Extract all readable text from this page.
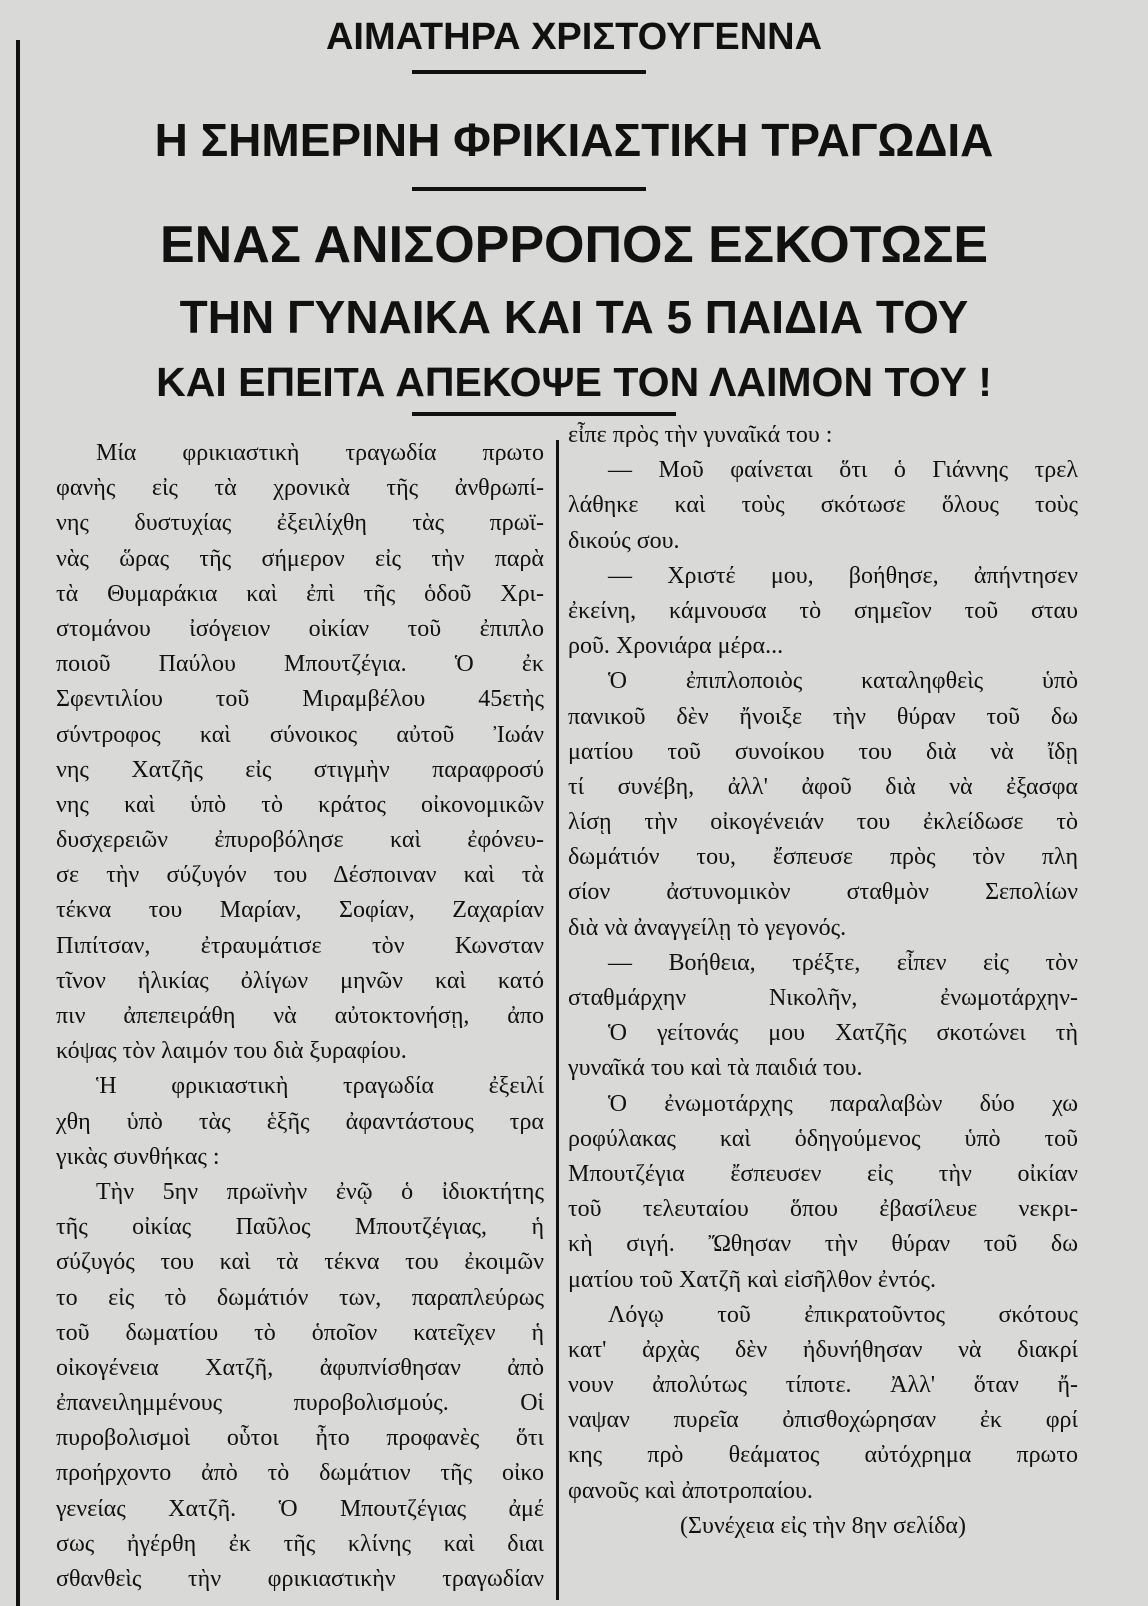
ΑΙΜΑΤΗΡΑ ΧΡΙΣΤΟΥΓΕΝΝΑ
Η ΣΗΜΕΡΙΝΗ ΦΡΙΚΙΑΣΤΙΚΗ ΤΡΑΓΩΔΙΑ
ΕΝΑΣ ΑΝΙΣΟΡΡΟΠΟΣ ΕΣΚΟΤΩΣΕ
ΤΗΝ ΓΥΝΑΙΚΑ ΚΑΙ ΤΑ 5 ΠΑΙΔΙΑ ΤΟΥ
ΚΑΙ ΕΠΕΙΤΑ ΑΠΕΚΟΨΕ ΤΟΝ ΛΑΙΜΟΝ ΤΟΥ !
Μία φρικιαστικὴ τραγωδία πρωτο
φανὴς εἰς τὰ χρονικὰ τῆς ἀνθρωπί-
νης δυστυχίας ἐξειλίχθη τὰς πρωϊ-
νὰς ὥρας τῆς σήμερον εἰς τὴν παρὰ
τὰ Θυμαράκια καὶ ἐπὶ τῆς ὁδοῦ Χρι-
στομάνου ἰσόγειον οἰκίαν τοῦ ἐπιπλο
ποιοῦ Παύλου Μπουτζέγια. Ὁ ἐκ
Σφεντιλίου τοῦ Μιραμβέλου 45ετὴς
σύντροφος καὶ σύνοικος αὐτοῦ Ἰωάν
νης Χατζῆς εἰς στιγμὴν παραφροσύ
νης καὶ ὑπὸ τὸ κράτος οἰκονομικῶν
δυσχερειῶν ἐπυροβόλησε καὶ ἐφόνευ-
σε τὴν σύζυγόν του Δέσποιναν καὶ τὰ
τέκνα του Μαρίαν, Σοφίαν, Ζαχαρίαν
Πιπίτσαν, ἐτραυμάτισε τὸν Κωνσταν
τῖνον ἡλικίας ὀλίγων μηνῶν καὶ κατό
πιν ἀπεπειράθη νὰ αὐτοκτονήσῃ, ἀπο
κόψας τὸν λαιμόν του διὰ ξυραφίου.
Ἡ φρικιαστικὴ τραγωδία ἐξειλί
χθη ὑπὸ τὰς ἑξῆς ἀφαντάστους τρα
γικὰς συνθήκας :
Τὴν 5ην πρωϊνὴν ἐνῷ ὁ ἰδιοκτήτης
τῆς οἰκίας Παῦλος Μπουτζέγιας, ἡ
σύζυγός του καὶ τὰ τέκνα του ἐκοιμῶν
το εἰς τὸ δωμάτιόν των, παραπλεύρως
τοῦ δωματίου τὸ ὁποῖον κατεῖχεν ἡ
οἰκογένεια Χατζῆ, ἀφυπνίσθησαν ἀπὸ
ἐπανειλημμένους πυροβολισμούς. Οἱ
πυροβολισμοὶ οὗτοι ἦτο προφανὲς ὅτι
προήρχοντο ἀπὸ τὸ δωμάτιον τῆς οἰκο
γενείας Χατζῆ. Ὁ Μπουτζέγιας ἀμέ
σως ἠγέρθη ἐκ τῆς κλίνης καὶ διαι
σθανθεὶς τὴν φρικιαστικὴν τραγωδίαν
εἶπε πρὸς τὴν γυναῖκά του :
— Μοῦ φαίνεται ὅτι ὁ Γιάννης τρελ
λάθηκε καὶ τοὺς σκότωσε ὅλους τοὺς
δικούς σου.
— Χριστέ μου, βοήθησε, ἀπήντησεν
ἐκείνη, κάμνουσα τὸ σημεῖον τοῦ σταυ
ροῦ. Χρονιάρα μέρα...
Ὁ ἐπιπλοποιὸς καταληφθεὶς ὑπὸ
πανικοῦ δὲν ἤνοιξε τὴν θύραν τοῦ δω
ματίου τοῦ συνοίκου του διὰ νὰ ἴδῃ
τί συνέβη, ἀλλ' ἀφοῦ διὰ νὰ ἐξασφα
λίσῃ τὴν οἰκογένειάν του ἐκλείδωσε τὸ
δωμάτιόν του, ἔσπευσε πρὸς τὸν πλη
σίον ἀστυνομικὸν σταθμὸν Σεπολίων
διὰ νὰ ἀναγγείλῃ τὸ γεγονός.
— Βοήθεια, τρέξτε, εἶπεν εἰς τὸν
σταθμάρχην Νικολῆν, ἐνωμοτάρχην-
Ὁ γείτονάς μου Χατζῆς σκοτώνει τὴ
γυναῖκά του καὶ τὰ παιδιά του.
Ὁ ἐνωμοτάρχης παραλαβὼν δύο χω
ροφύλακας καὶ ὁδηγούμενος ὑπὸ τοῦ
Μπουτζέγια ἔσπευσεν εἰς τὴν οἰκίαν
τοῦ τελευταίου ὅπου ἐβασίλευε νεκρι-
κὴ σιγή. Ὤθησαν τὴν θύραν τοῦ δω
ματίου τοῦ Χατζῆ καὶ εἰσῆλθον ἐντός.
Λόγῳ τοῦ ἐπικρατοῦντος σκότους
κατ' ἀρχὰς δὲν ἠδυνήθησαν νὰ διακρί
νουν ἀπολύτως τίποτε. Ἀλλ' ὅταν ἤ-
ναψαν πυρεῖα ὀπισθοχώρησαν ἐκ φρί
κης πρὸ θεάματος αὐτόχρημα πρωτο
φανοῦς καὶ ἀποτροπαίου.
(Συνέχεια εἰς τὴν 8ην σελίδα)
